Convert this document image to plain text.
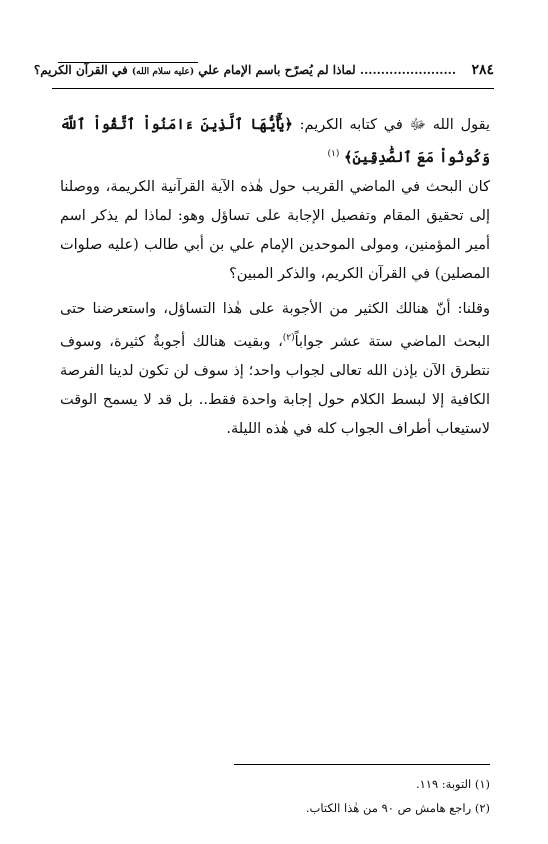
٢٨٤
....................... لماذا لم يُصرّح باسم الإمام علي (عليه سلام الله) في القرآن الكريم؟
يقول الله ﷻ في كتابه الكريم: ﴿يَٰٓأَيُّهَا ٱلَّذِينَ ءَامَنُواْ ٱتَّقُواْ ٱللَّهَ وَكُونُواْ مَعَ ٱلصَّٰدِقِينَ﴾ $^{(١)}$
كان البحث في الماضي القريب حول هٰذه الآية القرآنية الكريمة، ووصلنا إلى تحقيق المقام وتفصيل الإجابة على تساؤل وهو: لماذا لم يذكر اسم أمير المؤمنين، ومولى الموحدين الإمام علي بن أبي طالب (عليه صلوات المصلين) في القرآن الكريم، والذكر المبين؟
وقلنا: أنّ هنالك الكثير من الأجوبة على هٰذا التساؤل، واستعرضنا حتى البحث الماضي ستة عشر جواباً$^{(٢)}$، وبقيت هنالك أجوبةٌ كثيرة، وسوف نتطرق الآن بإذن الله تعالى لجواب واحد؛ إذ سوف لن تكون لدينا الفرصة الكافية إلا لبسط الكلام حول إجابة واحدة فقط.. بل قد لا يسمح الوقت لاستيعاب أطراف الجواب كله في هٰذه الليلة.
(١) التوبة: ١١٩.
(٢) راجع هامش ص ٩٠ من هٰذا الكتاب.
